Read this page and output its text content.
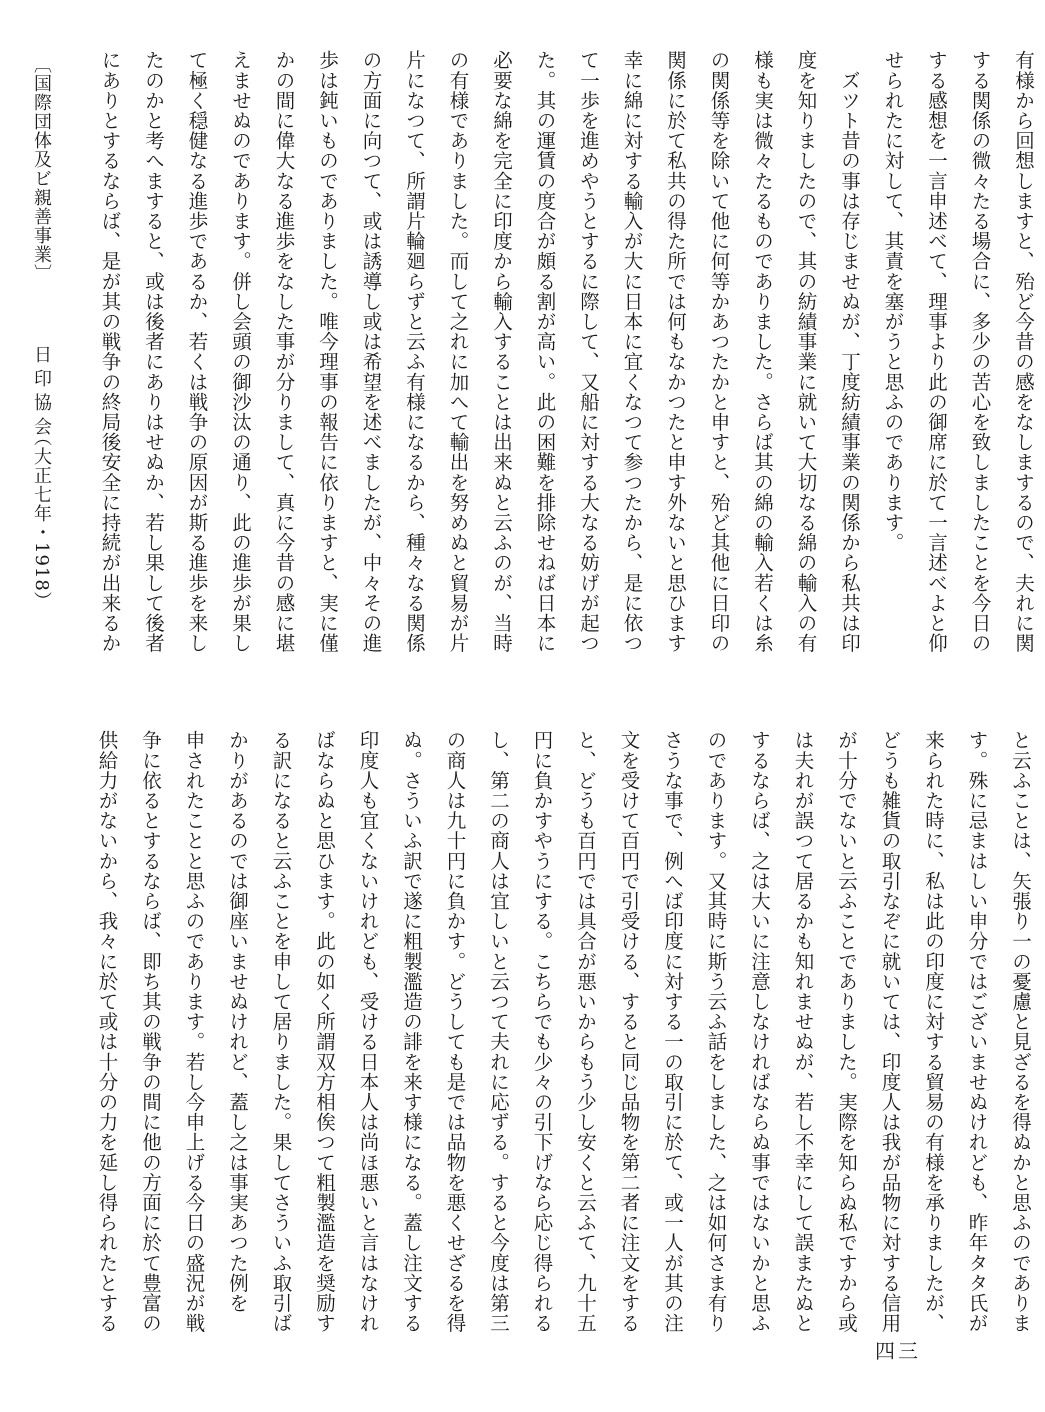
有様から回想しますと、殆ど今昔の感をなしまするので、夫れに関

する関係の微々たる場合に、多少の苦心を致しましたことを今日の

する感想を一言申述べて、理事より此の御席に於て一言述べよと仰

せられたに対して、其責を塞がうと思ふのであります。

　ズツト昔の事は存じませぬが、丁度紡績事業の関係から私共は印

度を知りましたので、其の紡績事業に就いて大切なる綿の輸入の有

様も実は微々たるものでありました。さらば其の綿の輸入若くは糸

の関係等を除いて他に何等かあつたかと申すと、殆ど其他に日印の

関係に於て私共の得た所では何もなかつたと申す外ないと思ひます

幸に綿に対する輸入が大に日本に宜くなつて参つたから、是に依つ

て一歩を進めやうとするに際して、又船に対する大なる妨げが起つ

た。其の運賃の度合が頗る割が高い。此の困難を排除せねば日本に

必要な綿を完全に印度から輸入することは出来ぬと云ふのが、当時

の有様でありました。而して之れに加へて輸出を努めぬと貿易が片

片になつて、所謂片輪廻らずと云ふ有様になるから、種々なる関係

の方面に向つて、或は誘導し或は希望を述べましたが、中々その進

歩は鈍いものでありました。唯今理事の報告に依りますと、実に僅

かの間に偉大なる進歩をなした事が分りまして、真に今昔の感に堪

えませぬのであります。併し会頭の御沙汰の通り、此の進歩が果し

て極く穏健なる進歩であるか、若くは戦争の原因が斯る進歩を来し

たのかと考へますると、或は後者にありはせぬか、若し果して後者

にありとするならば、是が其の戦争の終局後安全に持続が出来るか

と云ふことは、矢張り一の憂慮と見ざるを得ぬかと思ふのでありま

す。殊に忌まはしい申分ではございませぬけれども、昨年タタ氏が

来られた時に、私は此の印度に対する貿易の有様を承りましたが、

どうも雑貨の取引なぞに就いては、印度人は我が品物に対する信用

が十分でないと云ふことでありました。実際を知らぬ私ですから或

は夫れが誤つて居るかも知れませぬが、若し不幸にして誤またぬと

するならば、之は大いに注意しなければならぬ事ではないかと思ふ

のであります。又其時に斯う云ふ話をしました、之は如何さま有り

さうな事で、例へば印度に対する一の取引に於て、或一人が其の注

文を受けて百円で引受ける、すると同じ品物を第二者に注文をする

と、どうも百円では具合が悪いからもう少し安くと云ふて、九十五

円に負かすやうにする。こちらでも少々の引下げなら応じ得られる

し、第二の商人は宜しいと云つて夫れに応ずる。すると今度は第三

の商人は九十円に負かす。どうしても是では品物を悪くせざるを得

ぬ。さういふ訳で遂に粗製濫造の誹を来す様になる。蓋し注文する

印度人も宜くないけれども、受ける日本人は尚ほ悪いと言はなけれ

ばならぬと思ひます。此の如く所謂双方相俟つて粗製濫造を奨励す

る訳になると云ふことを申して居りました。果してさういふ取引ば

かりがあるのでは御座いませぬけれど、蓋し之は事実あつた例を

申されたことと思ふのであります。若し今申上げる今日の盛況が戦

争に依るとするならば、即ち其の戦争の間に他の方面に於て豊富の

供給力がないから、我々に於て或は十分の力を延し得られたとする

〔国際団体及ビ親善事業〕
日印協会
（大正七年・1918）
四三
